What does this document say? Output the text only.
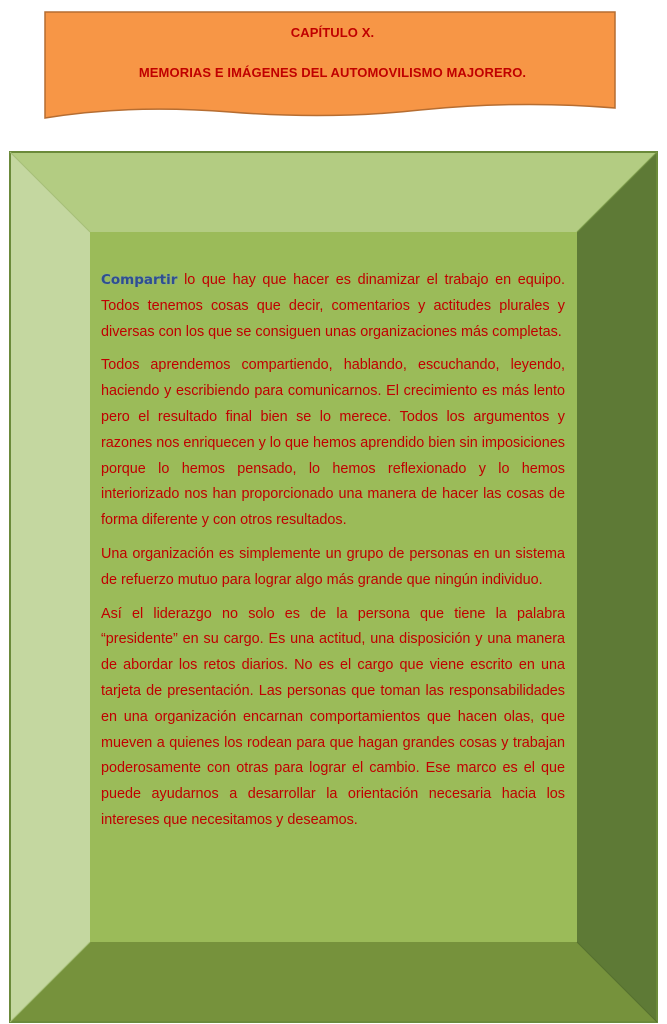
CAPÍTULO X.
MEMORIAS E IMÁGENES DEL AUTOMOVILISMO MAJORERO.

Compartir lo que hay que hacer es dinamizar el trabajo en equipo. Todos tenemos cosas que decir, comentarios y actitudes plurales y diversas con los que se consiguen unas organizaciones más completas.

Todos aprendemos compartiendo, hablando, escuchando, leyendo, haciendo y escribiendo para comunicarnos. El crecimiento es más lento pero el resultado final bien se lo merece. Todos los argumentos y razones nos enriquecen y lo que hemos aprendido bien sin imposiciones porque lo hemos pensado, lo hemos reflexionado y lo hemos interiorizado nos han proporcionado una manera de hacer las cosas de forma diferente y con otros resultados.

Una organización es simplemente un grupo de personas en un sistema de refuerzo mutuo para lograr algo más grande que ningún individuo.

Así el liderazgo no solo es de la persona que tiene la palabra “presidente” en su cargo. Es una actitud, una disposición y una manera de abordar los retos diarios. No es el cargo que viene escrito en una tarjeta de presentación. Las personas que toman las responsabilidades en una organización encarnan comportamientos que hacen olas, que mueven a quienes los rodean para que hagan grandes cosas y trabajan poderosamente con otras para lograr el cambio. Ese marco es el que puede ayudarnos a desarrollar la orientación necesaria hacia los intereses que necesitamos y deseamos.
